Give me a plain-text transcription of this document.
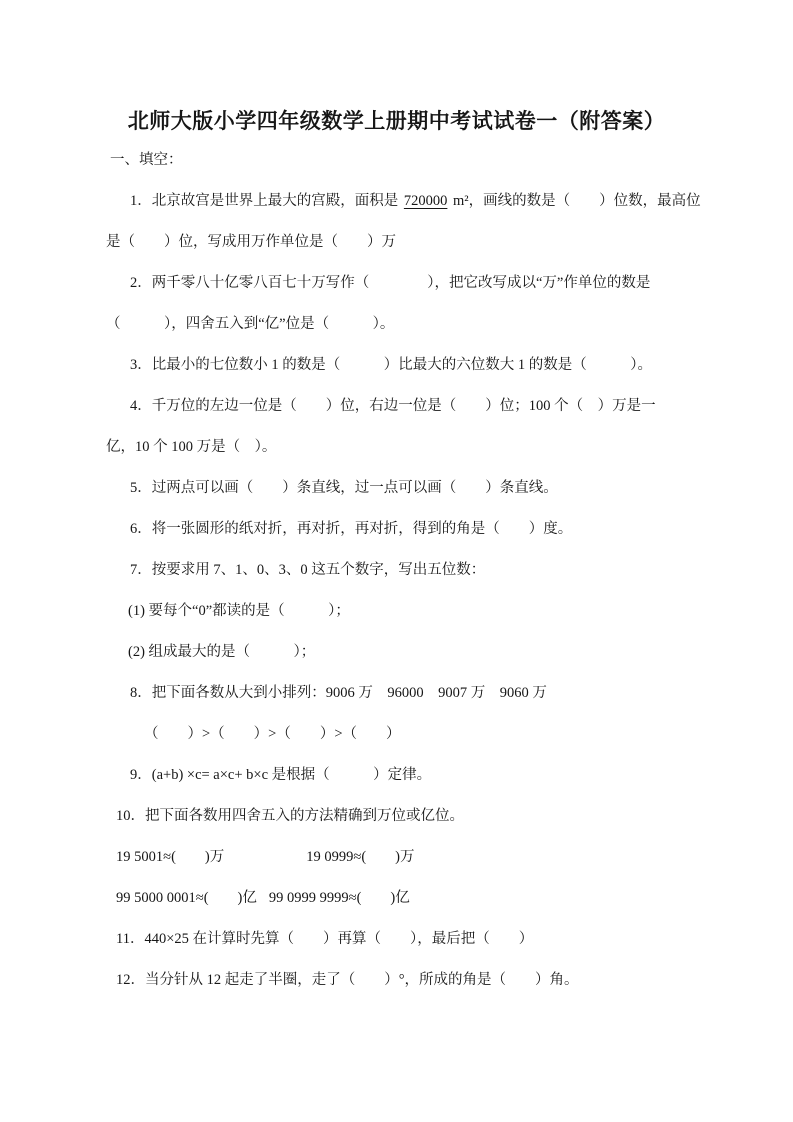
北师大版小学四年级数学上册期中考试试卷一（附答案）

一、填空：

1．北京故宫是世界上最大的宫殿，面积是 720000 m²，画线的数是（　　）位数，最高位

是（　　）位，写成用万作单位是（　　）万

2．两千零八十亿零八百七十万写作（　　　　），把它改写成以“万”作单位的数是

（　　　），四舍五入到“亿”位是（　　　）。

3．比最小的七位数小 1 的数是（　　　）比最大的六位数大 1 的数是（　　　）。

4．千万位的左边一位是（　　）位，右边一位是（　　）位；100 个（　）万是一

亿，10 个 100 万是（　）。

5．过两点可以画（　　）条直线，过一点可以画（　　）条直线。

6．将一张圆形的纸对折，再对折，再对折，得到的角是（　　）度。

7．按要求用 7、1、0、3、0 这五个数字，写出五位数：

(1) 要每个“0”都读的是（　　　）；

(2) 组成最大的是（　　　）；

8．把下面各数从大到小排列：9006 万　96000　9007 万　9060 万

（　　）>（　　）>（　　）>（　　）

9．(a+b) ×c= a×c+ b×c 是根据（　　　）定律。

10．把下面各数用四舍五入的方法精确到万位或亿位。

19 5001≈(　　)万	19 0999≈(　　)万

99 5000 0001≈(　　)亿 99 0999 9999≈(　　)亿

11．440×25 在计算时先算（　　）再算（　　），最后把（　　）

12．当分针从 12 起走了半圈，走了（　　）°，所成的角是（　　）角。
